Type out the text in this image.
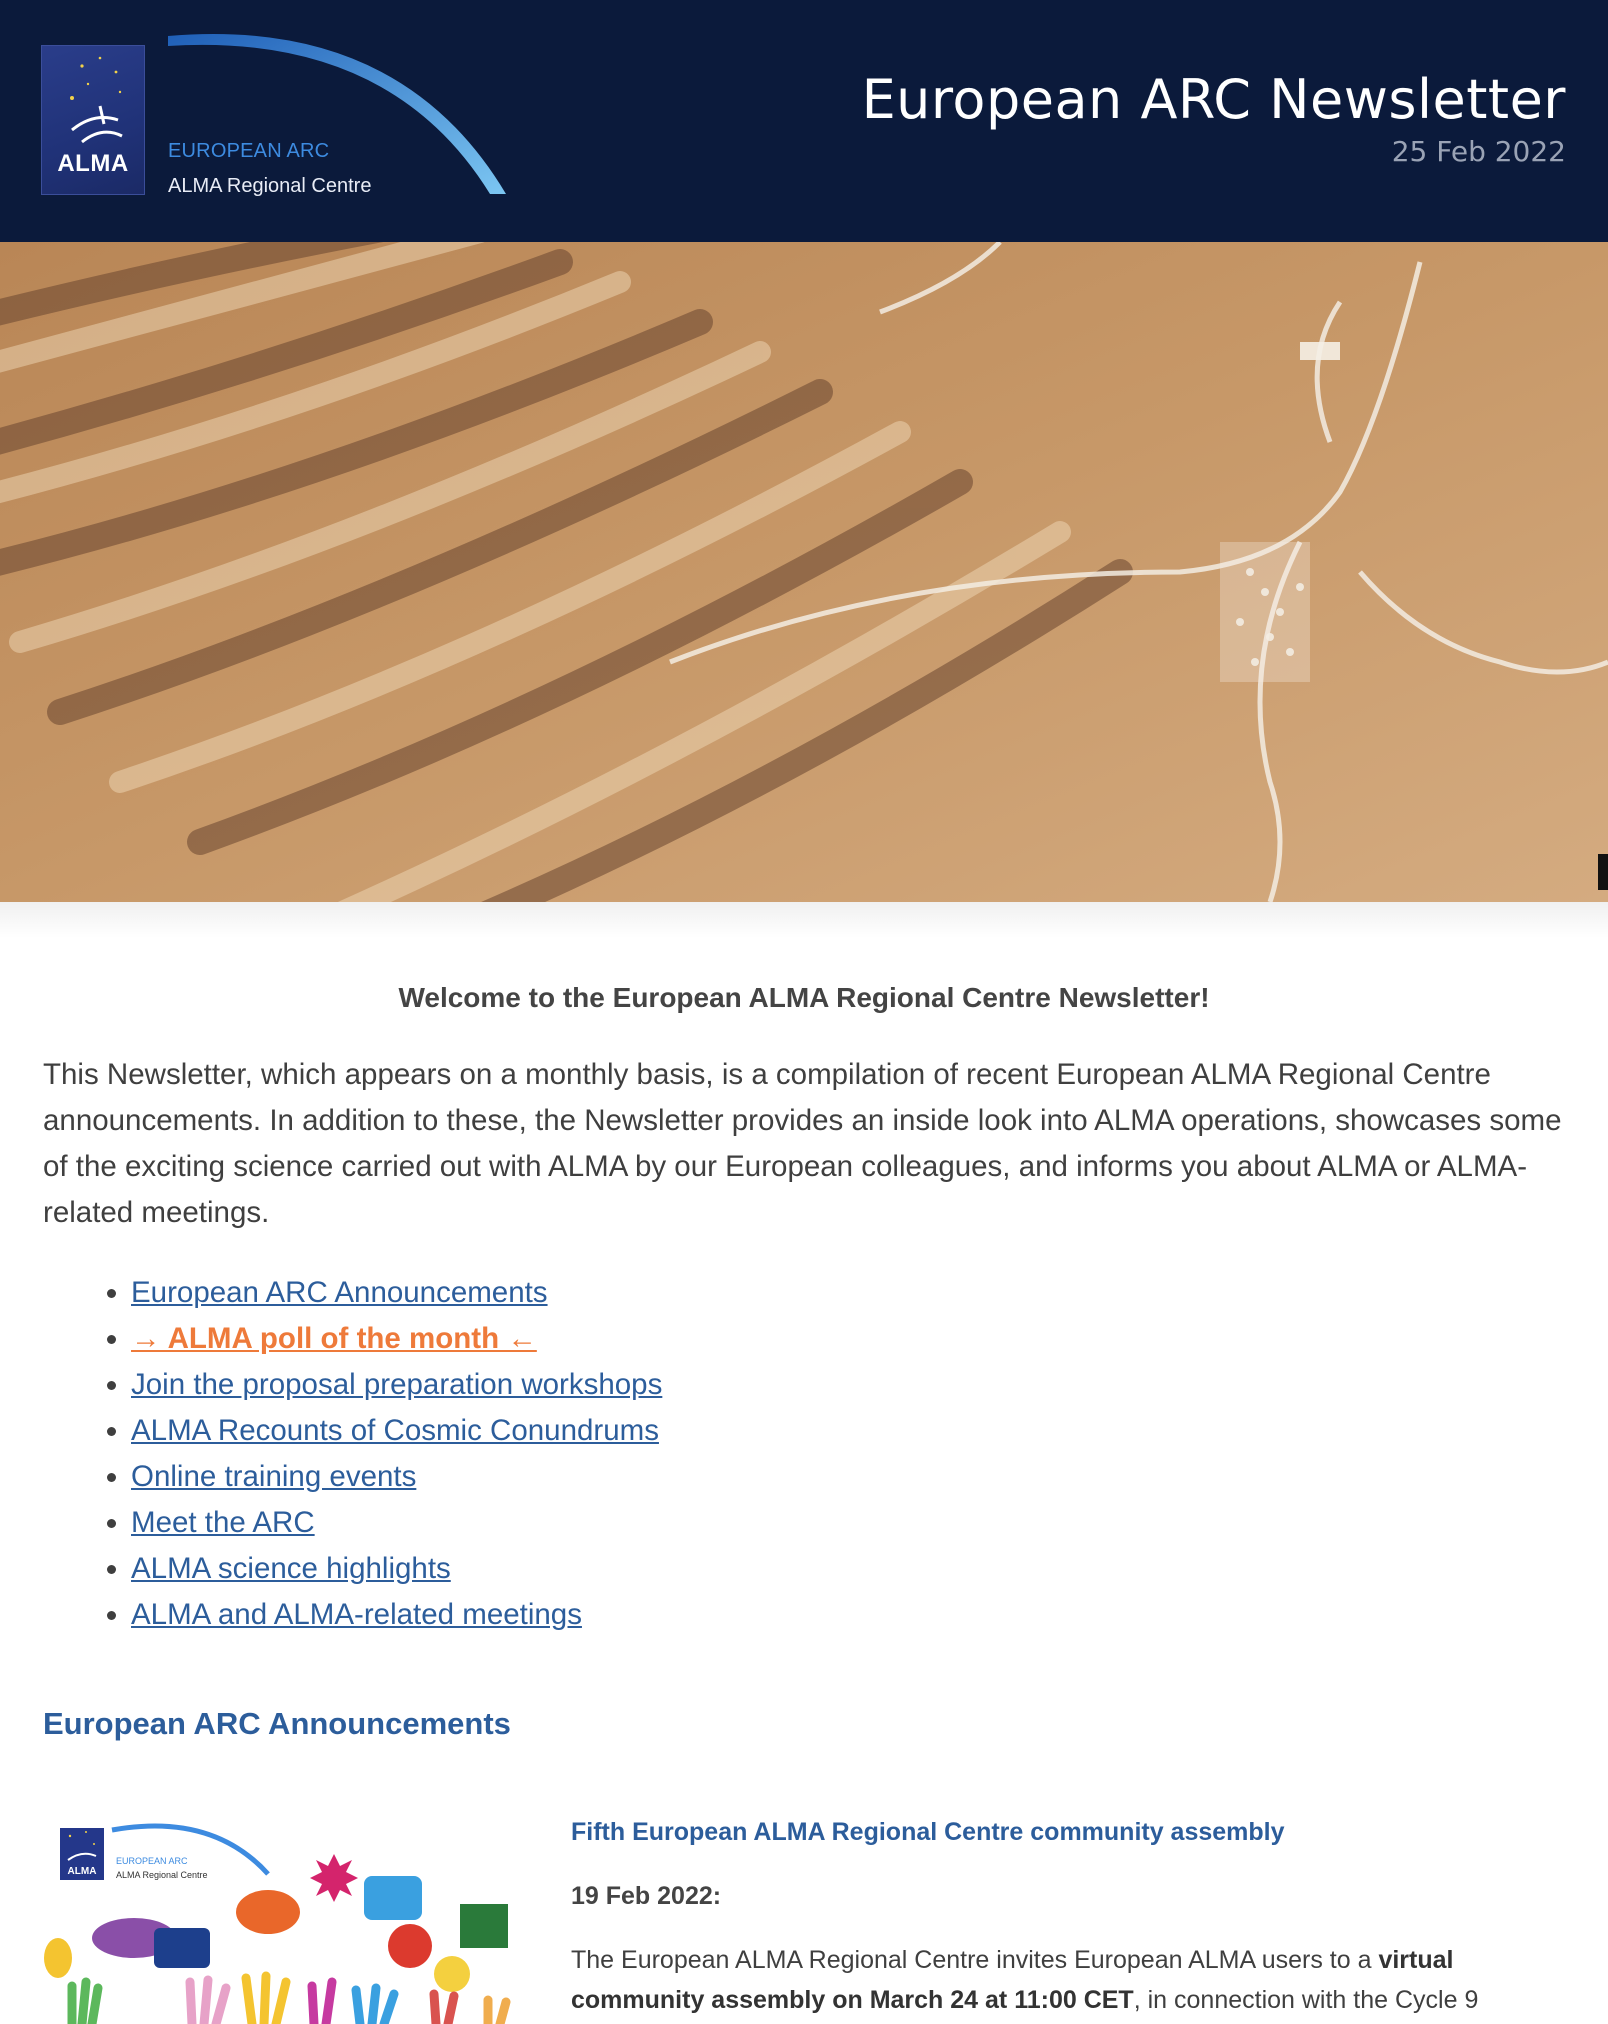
ALMA	EUROPEAN ARC
ALMA Regional Centre
European ARC Newsletter
25 Feb 2022
Welcome to the European ALMA Regional Centre Newsletter!

This Newsletter, which appears on a monthly basis, is a compilation of recent European ALMA Regional Centre announcements. In addition to these, the Newsletter provides an inside look into ALMA operations, showcases some of the exciting science carried out with ALMA by our European colleagues, and informs you about ALMA or ALMA-related meetings.

• European ARC Announcements
• → ALMA poll of the month ←
• Join the proposal preparation workshops
• ALMA Recounts of Cosmic Conundrums
• Online training events
• Meet the ARC
• ALMA science highlights
• ALMA and ALMA-related meetings
European ARC Announcements
ALMA
EUROPEAN ARC
ALMA Regional Centre
Fifth European ALMA Regional Centre community assembly
19 Feb 2022:

The European ALMA Regional Centre invites European ALMA users to a virtual community assembly on March 24 at 11:00 CET, in connection with the Cycle 9
